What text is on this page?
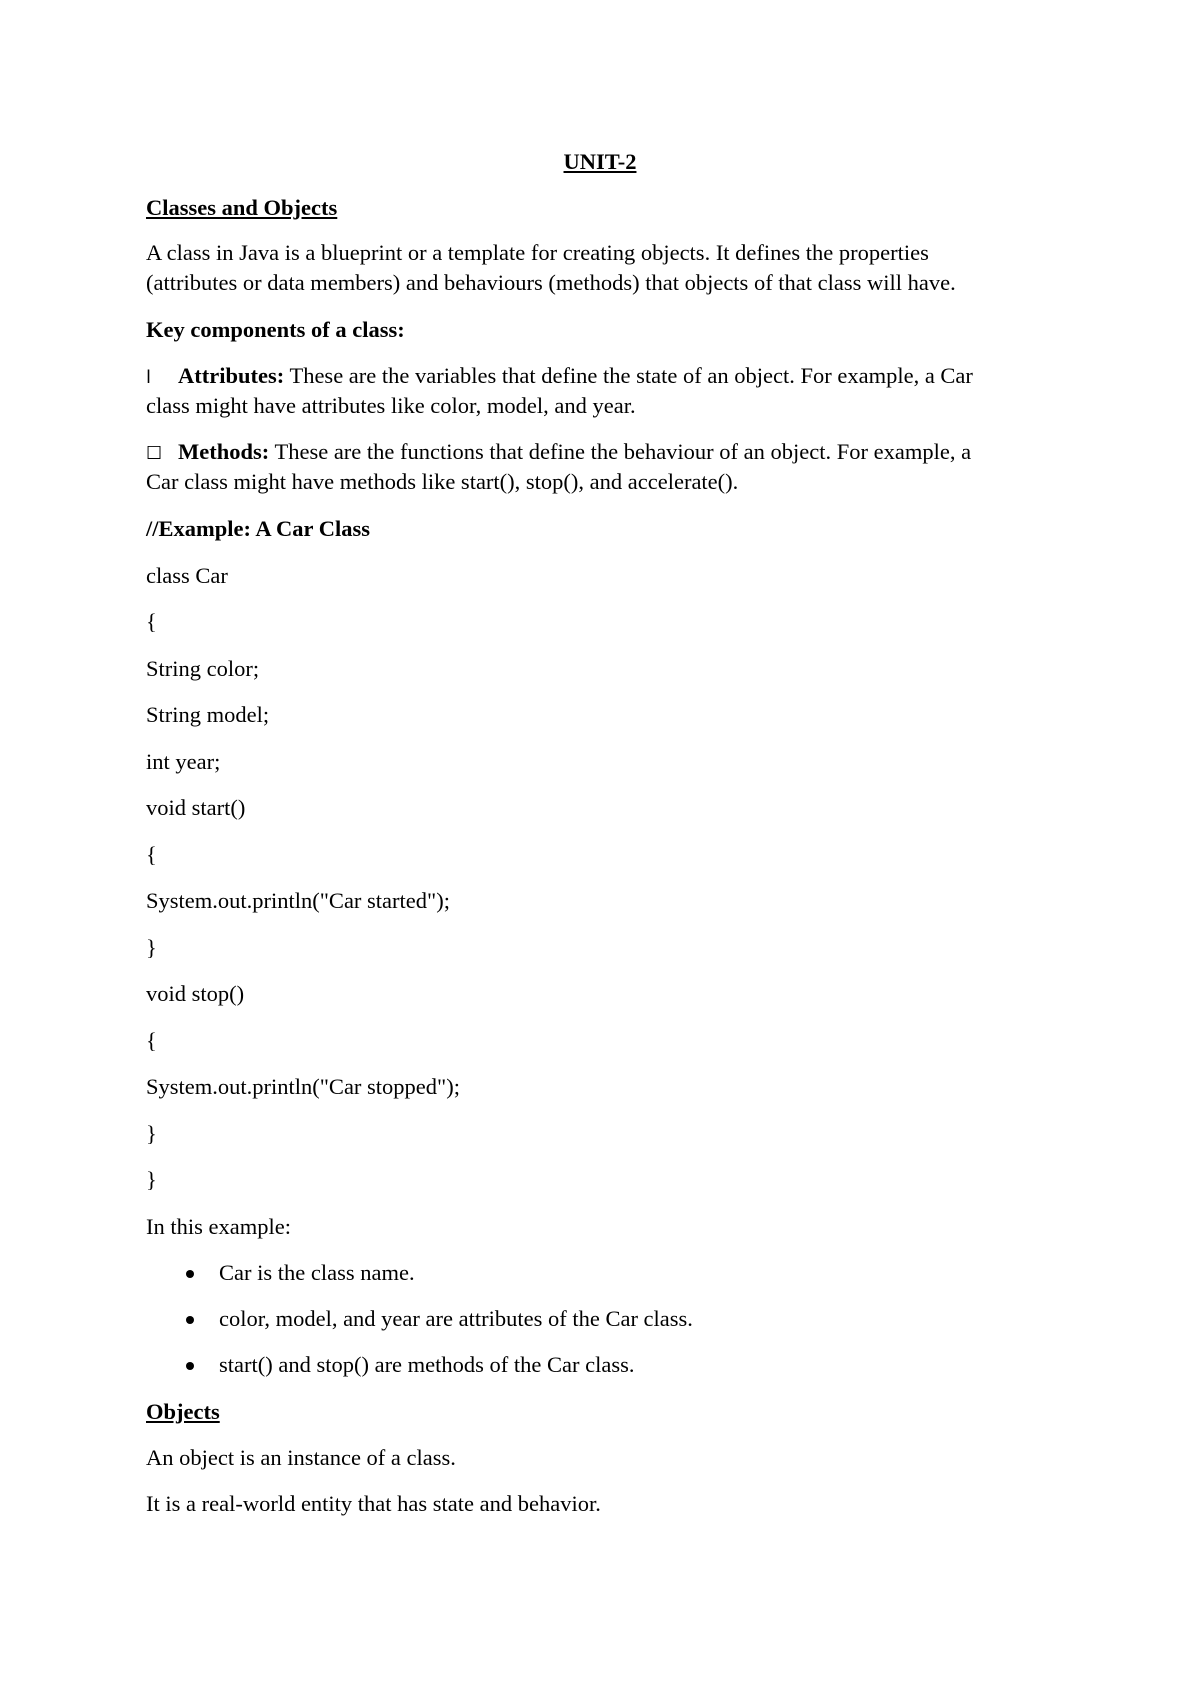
UNIT-2
Classes and Objects
A class in Java is a blueprint or a template for creating objects. It defines the properties
(attributes or data members) and behaviours (methods) that objects of that class will have.
Key components of a class:
l Attributes: These are the variables that define the state of an object. For example, a Car
class might have attributes like color, model, and year.
☐ Methods: These are the functions that define the behaviour of an object. For example, a
Car class might have methods like start(), stop(), and accelerate().
//Example: A Car Class
class Car
{
String color;
String model;
int year;
void start()
{
System.out.println("Car started");
}
void stop()
{
System.out.println("Car stopped");
}
}
In this example:
Car is the class name.
color, model, and year are attributes of the Car class.
start() and stop() are methods of the Car class.
Objects
An object is an instance of a class.
It is a real-world entity that has state and behavior.
